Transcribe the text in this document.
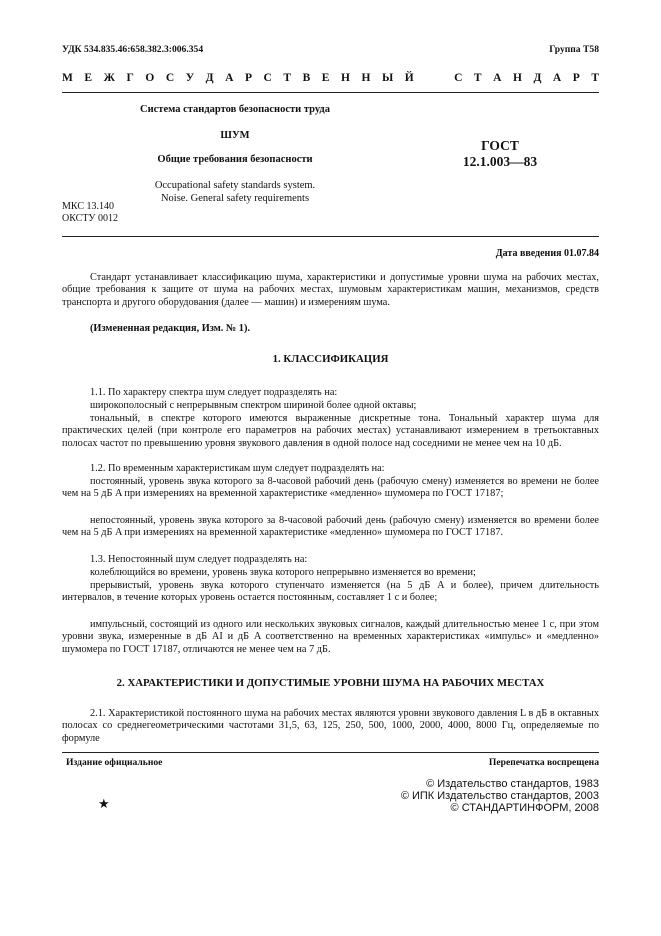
УДК 534.835.46:658.382.3:006.354	Группа Т58
М Е Ж Г О С У Д А Р С Т В Е Н Н Ы Й

	С Т А Н Д А Р Т
Система стандартов безопасности труда
ШУМ
Общие требования безопасности
Occupational safety standards system.
Noise. General safety requirements
ГОСТ
12.1.003—83
МКС 13.140
ОКСТУ 0012
Дата введения 01.07.84
Стандарт устанавливает классификацию шума, характеристики и допустимые уровни шума на рабочих местах, общие требования к защите от шума на рабочих местах, шумовым характеристикам машин, механизмов, средств транспорта и другого оборудования (далее — машин) и измерениям шума.
(Измененная редакция, Изм. № 1).
1. КЛАССИФИКАЦИЯ
1.1. По характеру спектра шум следует подразделять на:
широкополосный с непрерывным спектром шириной более одной октавы;
тональный, в спектре которого имеются выраженные дискретные тона. Тональный характер шума для практических целей (при контроле его параметров на рабочих местах) устанавливают измерением в третьоктавных полосах частот по превышению уровня звукового давления в одной полосе над соседними не менее чем на 10 дБ.
1.2. По временным характеристикам шум следует подразделять на:
постоянный, уровень звука которого за 8-часовой рабочий день (рабочую смену) изменяется во времени не более чем на 5 дБ A при измерениях на временной характеристике «медленно» шумомера по ГОСТ 17187;
непостоянный, уровень звука которого за 8-часовой рабочий день (рабочую смену) изменяется во времени более чем на 5 дБ A при измерениях на временной характеристике «медленно» шумомера по ГОСТ 17187.
1.3. Непостоянный шум следует подразделять на:
колеблющийся во времени, уровень звука которого непрерывно изменяется во времени;
прерывистый, уровень звука которого ступенчато изменяется (на 5 дБ A и более), причем длительность интервалов, в течение которых уровень остается постоянным, составляет 1 с и более;
импульсный, состоящий из одного или нескольких звуковых сигналов, каждый длительностью менее 1 с, при этом уровни звука, измеренные в дБ AI и дБ A соответственно на временных характеристиках «импульс» и «медленно» шумомера по ГОСТ 17187, отличаются не менее чем на 7 дБ.
2. ХАРАКТЕРИСТИКИ И ДОПУСТИМЫЕ УРОВНИ ШУМА НА РАБОЧИХ МЕСТАХ
2.1. Характеристикой постоянного шума на рабочих местах являются уровни звукового давления L в дБ в октавных полосах со среднегеометрическими частотами 31,5, 63, 125, 250, 500, 1000, 2000, 4000, 8000 Гц, определяемые по формуле
Издание официальное	Перепечатка воспрещена
© Издательство стандартов, 1983
© ИПК Издательство стандартов, 2003
© СТАНДАРТИНФОРМ, 2008
★
